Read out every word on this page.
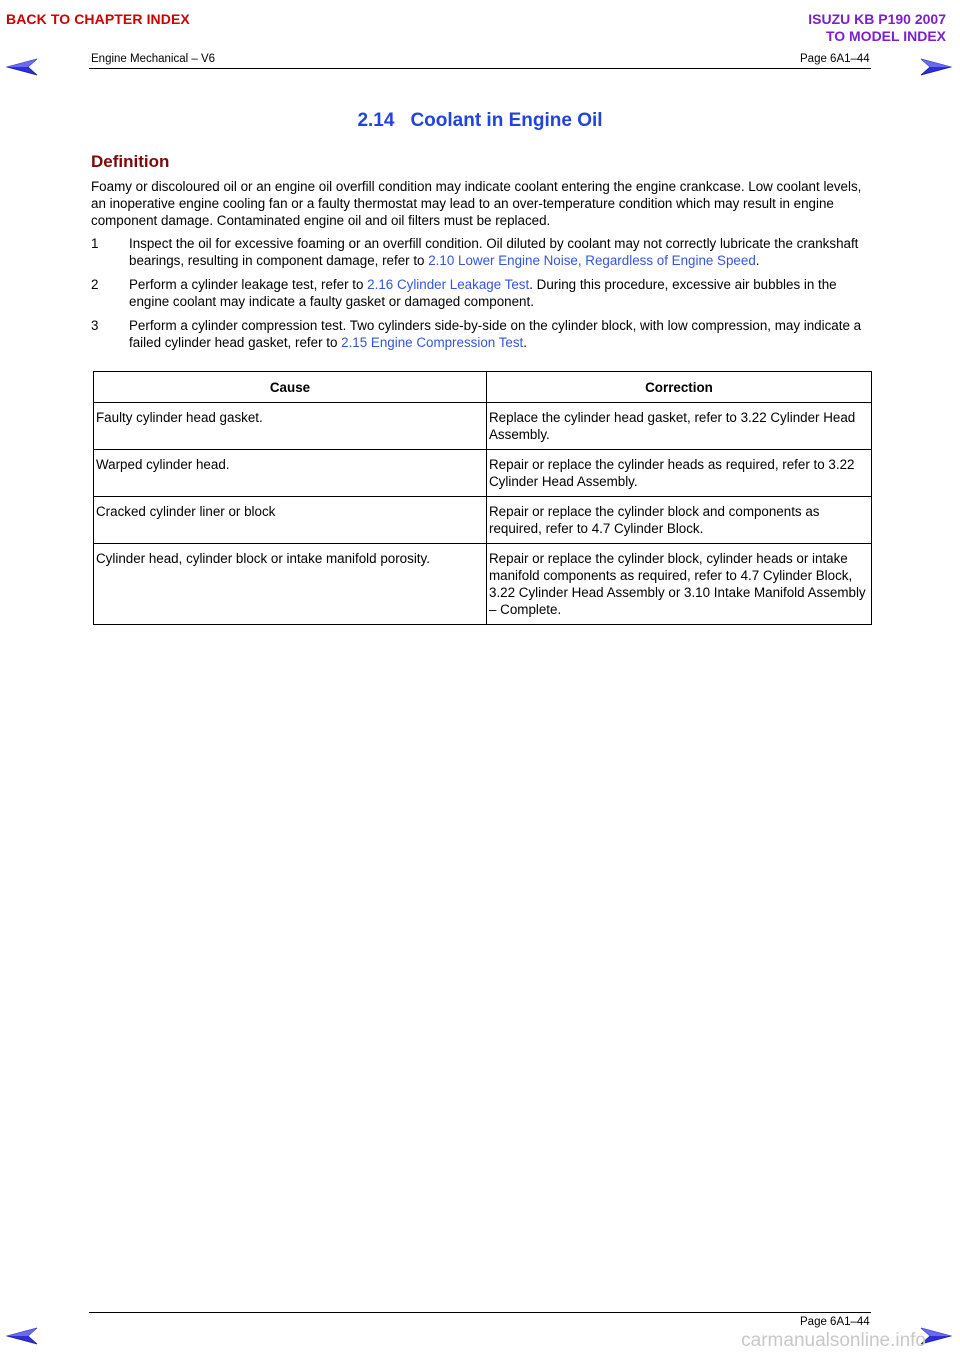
BACK TO CHAPTER INDEX	ISUZU KB P190 2007
TO MODEL INDEX
Engine Mechanical – V6	Page 6A1–44
2.14 Coolant in Engine Oil
Definition

Foamy or discoloured oil or an engine oil overfill condition may indicate coolant entering the engine crankcase. Low coolant levels, an inoperative engine cooling fan or a faulty thermostat may lead to an over-temperature condition which may result in engine component damage. Contaminated engine oil and oil filters must be replaced.

1 Inspect the oil for excessive foaming or an overfill condition. Oil diluted by coolant may not correctly lubricate the crankshaft bearings, resulting in component damage, refer to 2.10 Lower Engine Noise, Regardless of Engine Speed.
2 Perform a cylinder leakage test, refer to 2.16 Cylinder Leakage Test. During this procedure, excessive air bubbles in the engine coolant may indicate a faulty gasket or damaged component.
3 Perform a cylinder compression test. Two cylinders side-by-side on the cylinder block, with low compression, may indicate a failed cylinder head gasket, refer to 2.15 Engine Compression Test.
Cause	Correction
Faulty cylinder head gasket.	Replace the cylinder head gasket, refer to 3.22 Cylinder Head Assembly.
Warped cylinder head.	Repair or replace the cylinder heads as required, refer to 3.22 Cylinder Head Assembly.
Cracked cylinder liner or block	Repair or replace the cylinder block and components as required, refer to 4.7 Cylinder Block.
Cylinder head, cylinder block or intake manifold porosity.	Repair or replace the cylinder block, cylinder heads or intake manifold components as required, refer to 4.7 Cylinder Block, 3.22 Cylinder Head Assembly or 3.10 Intake Manifold Assembly – Complete.
Page 6A1–44
carmanualsonline.info
